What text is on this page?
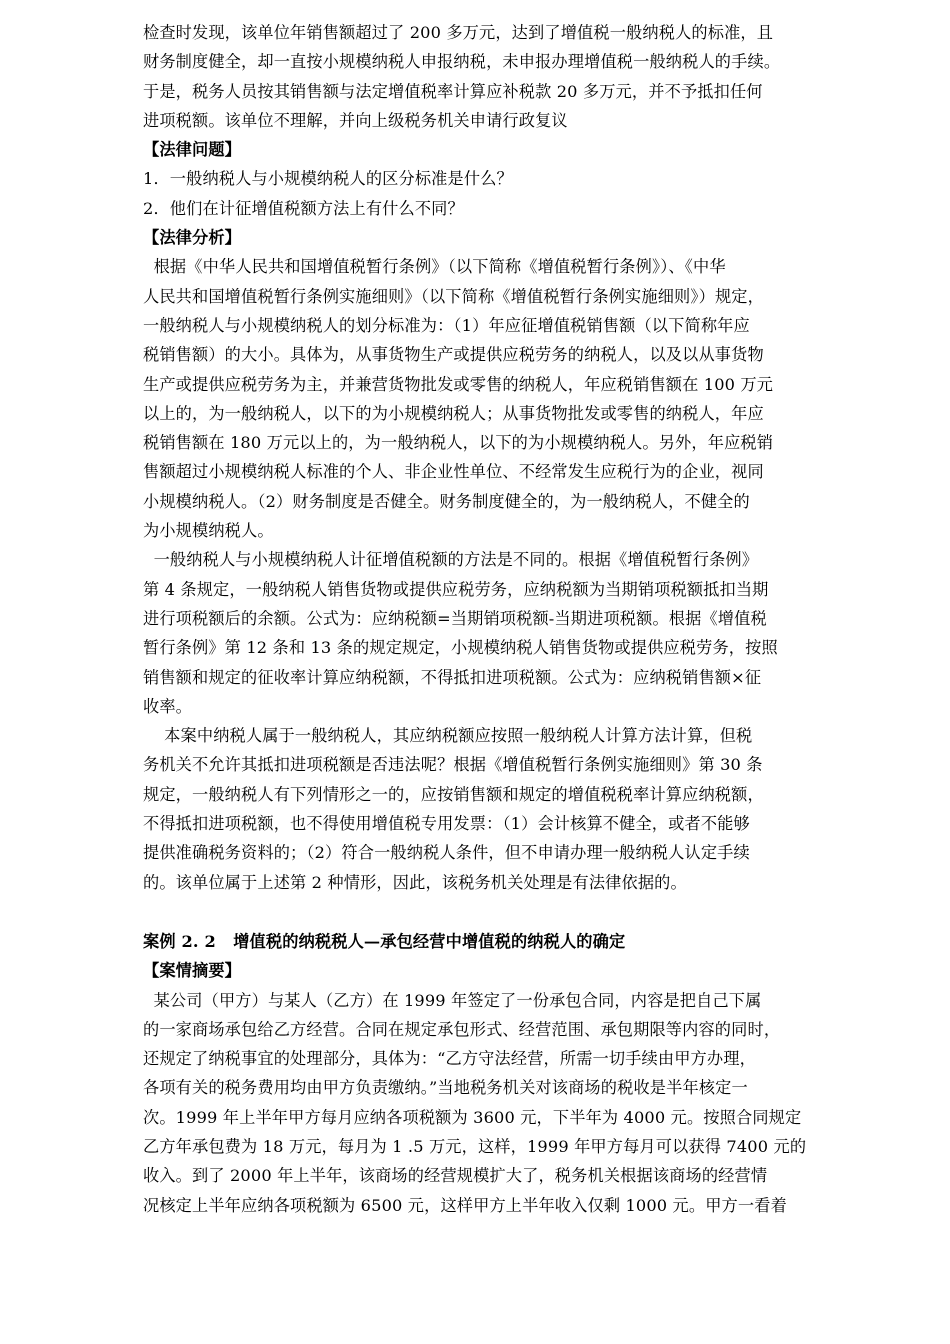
检查时发现，该单位年销售额超过了 200 多万元，达到了增值税一般纳税人的标准，且
财务制度健全，却一直按小规模纳税人申报纳税，未申报办理增值税一般纳税人的手续。
于是，税务人员按其销售额与法定增值税率计算应补税款 20 多万元，并不予抵扣任何
进项税额。该单位不理解，并向上级税务机关申请行政复议
【法律问题】
1．一般纳税人与小规模纳税人的区分标准是什么？
2．他们在计征增值税额方法上有什么不同？
【法律分析】
根据《中华人民共和国增值税暂行条例》（以下简称《增值税暂行条例》）、《中华
人民共和国增值税暂行条例实施细则》（以下简称《增值税暂行条例实施细则》）规定，
一般纳税人与小规模纳税人的划分标准为：（1）年应征增值税销售额（以下简称年应
税销售额）的大小。具体为，从事货物生产或提供应税劳务的纳税人，以及以从事货物
生产或提供应税劳务为主，并兼营货物批发或零售的纳税人，年应税销售额在 100 万元
以上的，为一般纳税人，以下的为小规模纳税人；从事货物批发或零售的纳税人，年应
税销售额在 180 万元以上的，为一般纳税人，以下的为小规模纳税人。另外，年应税销
售额超过小规模纳税人标准的个人、非企业性单位、不经常发生应税行为的企业，视同
小规模纳税人。（2）财务制度是否健全。财务制度健全的，为一般纳税人，不健全的
为小规模纳税人。
一般纳税人与小规模纳税人计征增值税额的方法是不同的。根据《增值税暂行条例》
第 4 条规定，一般纳税人销售货物或提供应税劳务，应纳税额为当期销项税额抵扣当期
进行项税额后的余额。公式为：应纳税额=当期销项税额-当期进项税额。根据《增值税
暂行条例》第 12 条和 13 条的规定规定，小规模纳税人销售货物或提供应税劳务，按照
销售额和规定的征收率计算应纳税额，不得抵扣进项税额。公式为：应纳税销售额×征
收率。
本案中纳税人属于一般纳税人，其应纳税额应按照一般纳税人计算方法计算，但税
务机关不允许其抵扣进项税额是否违法呢？根据《增值税暂行条例实施细则》第 30 条
规定，一般纳税人有下列情形之一的，应按销售额和规定的增值税税率计算应纳税额，
不得抵扣进项税额，也不得使用增值税专用发票：（1）会计核算不健全，或者不能够
提供准确税务资料的；（2）符合一般纳税人条件，但不申请办理一般纳税人认定手续
的。该单位属于上述第 2 种情形，因此，该税务机关处理是有法律依据的。
案例 2. 2   增值税的纳税税人—承包经营中增值税的纳税人的确定
【案情摘要】
某公司（甲方）与某人（乙方）在 1999 年签定了一份承包合同，内容是把自己下属
的一家商场承包给乙方经营。合同在规定承包形式、经营范围、承包期限等内容的同时，
还规定了纳税事宜的处理部分，具体为：“乙方守法经营，所需一切手续由甲方办理，
各项有关的税务费用均由甲方负责缴纳。”当地税务机关对该商场的税收是半年核定一
次。1999 年上半年甲方每月应纳各项税额为 3600 元，下半年为 4000 元。按照合同规定
乙方年承包费为 18 万元，每月为 1 .5 万元，这样，1999 年甲方每月可以获得 7400 元的
收入。到了 2000 年上半年，该商场的经营规模扩大了，税务机关根据该商场的经营情
况核定上半年应纳各项税额为 6500 元，这样甲方上半年收入仅剩 1000 元。甲方一看着
